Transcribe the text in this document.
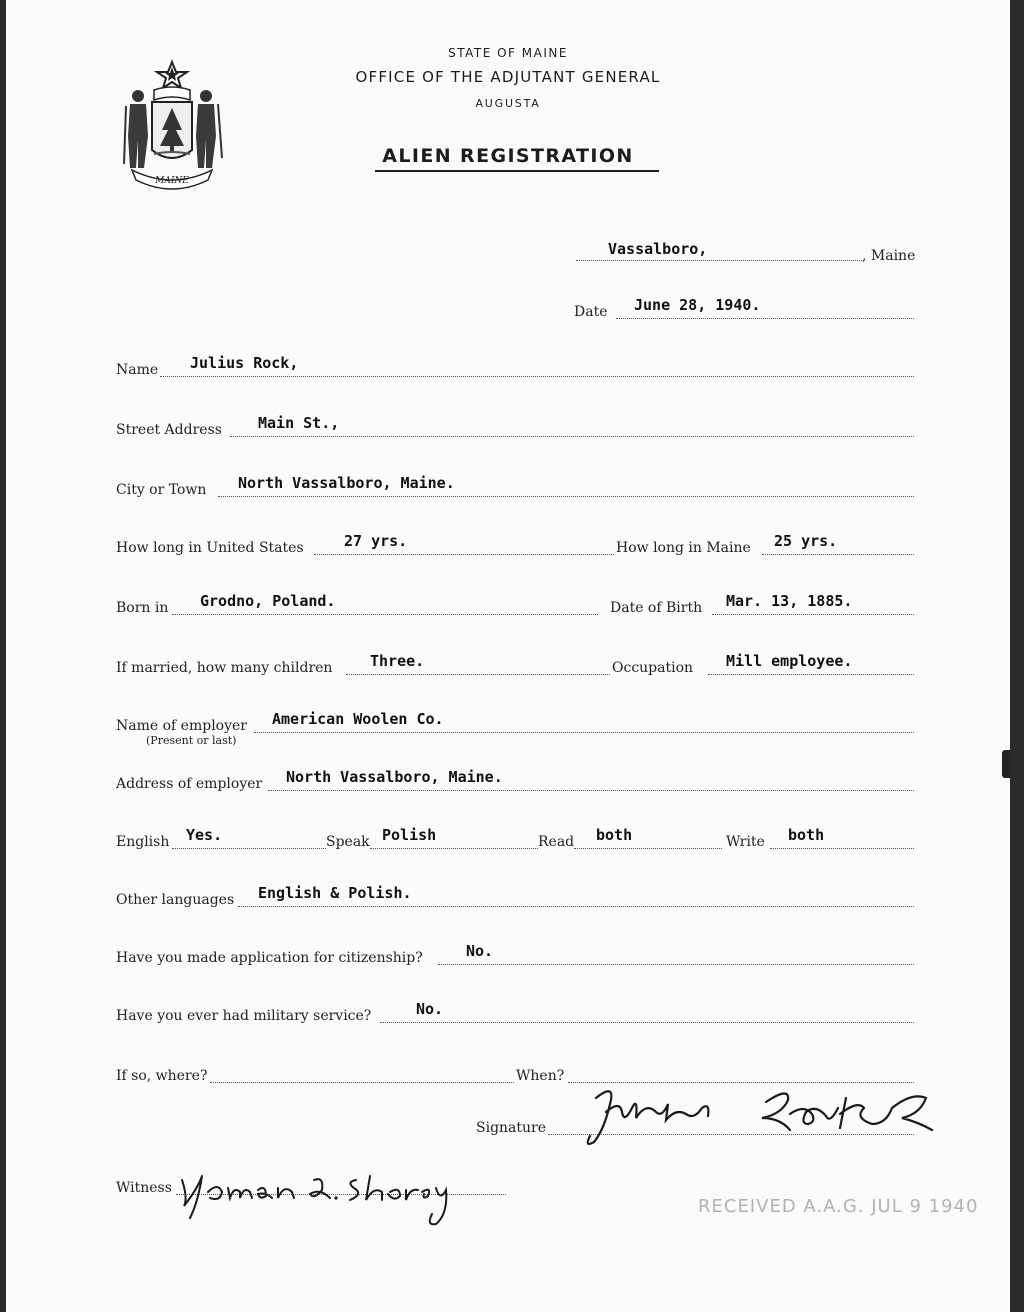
MAINE
STATE OF MAINE
OFFICE OF THE ADJUTANT GENERAL
AUGUSTA
ALIEN REGISTRATION
Vassalboro,	, Maine
Date June 28, 1940.
Name Julius Rock,
Street Address Main St.,
City or Town North Vassalboro, Maine.
How long in United States	27 yrs.	How long in Maine 25 yrs.
Born in Grodno, Poland.	Date of Birth Mar. 13, 1885.
If married, how many children	Three.	Occupation Mill employee.
Name of employer
(Present or last)
American Woolen Co.
Address of employer North Vassalboro, Maine.
English Yes.	Speak Polish	Read both	Write both
Other languages English & Polish.
Have you made application for citizenship?	No.
Have you ever had military service?	No.
If so, where?	When?
Signature
Witness
RECEIVED A.A.G. JUL 9 1940
